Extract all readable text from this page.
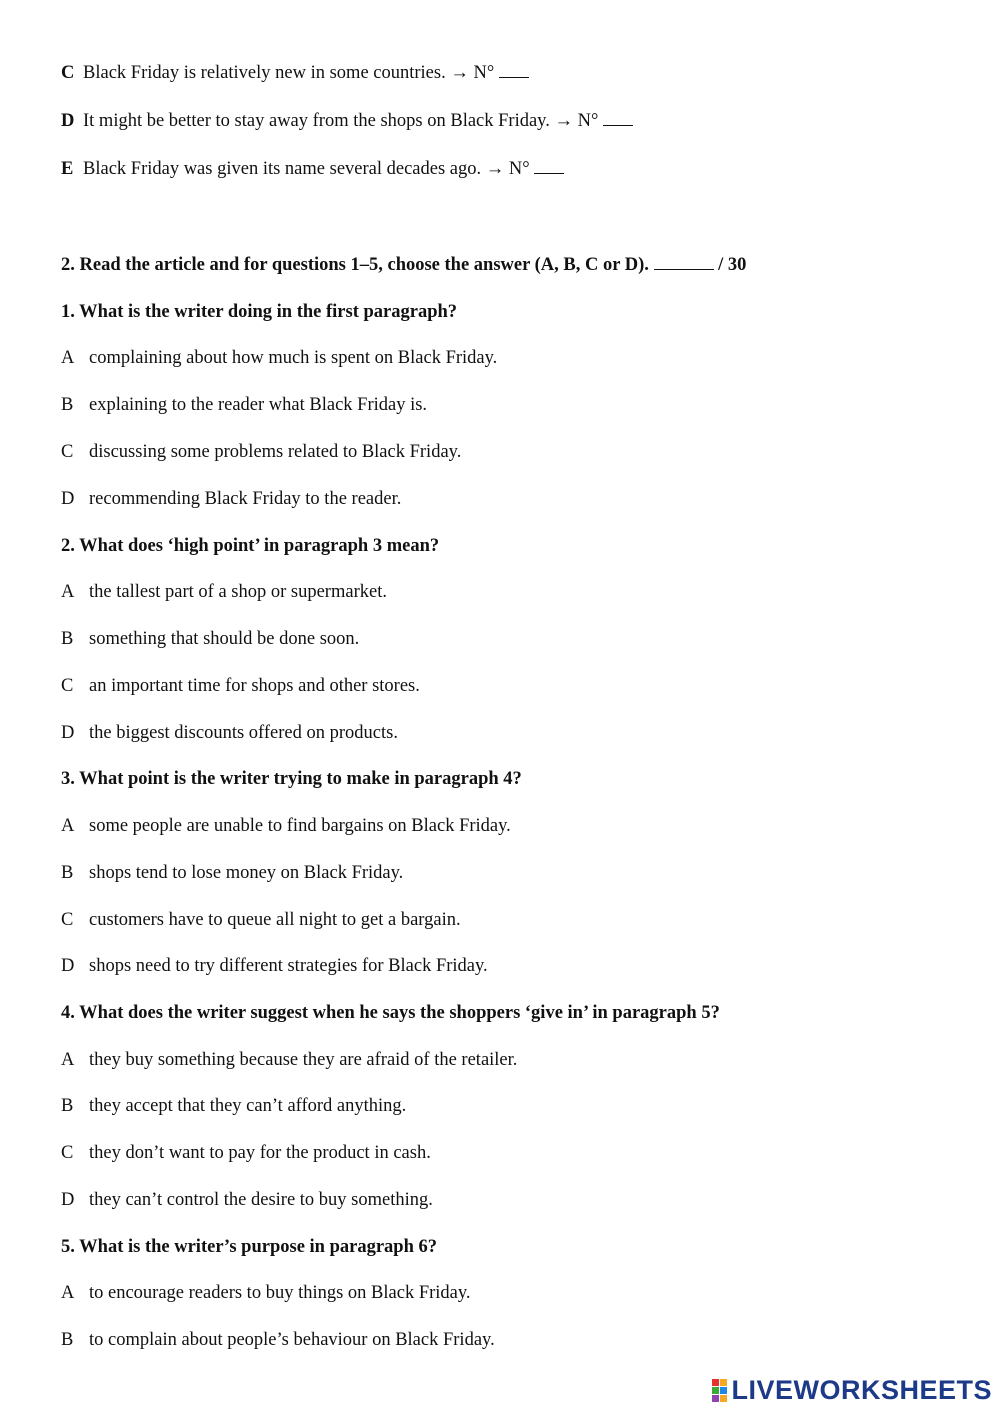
C Black Friday is relatively new in some countries. → N°
D It might be better to stay away from the shops on Black Friday. → N°
E Black Friday was given its name several decades ago. → N°
2. Read the article and for questions 1–5, choose the answer (A, B, C or D).	/ 30
1. What is the writer doing in the first paragraph?
A complaining about how much is spent on Black Friday.
B explaining to the reader what Black Friday is.
C discussing some problems related to Black Friday.
D recommending Black Friday to the reader.
2. What does ‘high point’ in paragraph 3 mean?
A the tallest part of a shop or supermarket.
B something that should be done soon.
C an important time for shops and other stores.
D the biggest discounts offered on products.
3. What point is the writer trying to make in paragraph 4?
A some people are unable to find bargains on Black Friday.
B shops tend to lose money on Black Friday.
C customers have to queue all night to get a bargain.
D shops need to try different strategies for Black Friday.
4. What does the writer suggest when he says the shoppers ‘give in’ in paragraph 5?
A they buy something because they are afraid of the retailer.
B they accept that they can’t afford anything.
C they don’t want to pay for the product in cash.
D they can’t control the desire to buy something.
5. What is the writer’s purpose in paragraph 6?
A to encourage readers to buy things on Black Friday.
B to complain about people’s behaviour on Black Friday.
LIVEWORKSHEETS
